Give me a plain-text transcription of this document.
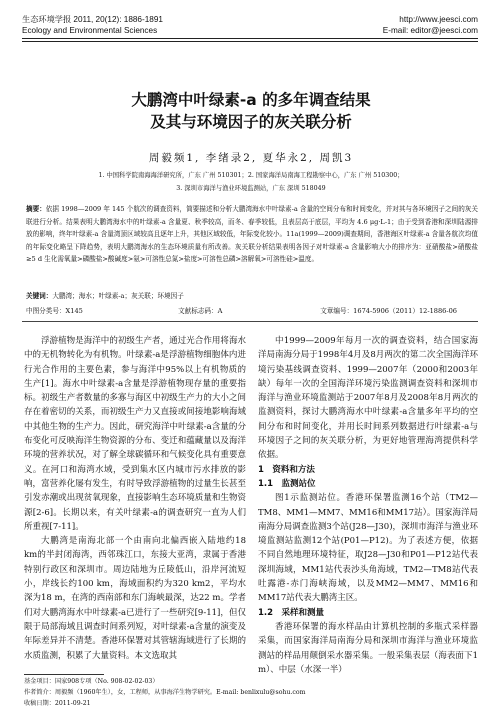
生态环境学报 2011, 20(12): 1886-1891
Ecology and Environmental Sciences
http://www.jeesci.com
E-mail: editor@jeesci.com
大鹏湾中叶绿素-a 的多年调查结果
及其与环境因子的灰关联分析
周毅频1, 李绪录2, 夏华永2, 周凯3
1. 中国科学院南海海洋研究所，广东 广州 510301；2. 国家海洋局南海工程勘察中心，广东 广州 510300；
3. 深圳市海洋与渔业环境监测站，广东 深圳 518049
摘要：依据 1998—2009 年 145 个航次的调查资料，简要描述和分析大鹏湾海水中叶绿素-a 含量的空间分布和时间变化，并对其与各环境因子之间的灰关联进行分析。结果表明大鹏湾海水中的叶绿素-a 含量夏、秋季较高，而冬、春季较低，且表层高于底层，平均为 4.6 μg·L-1；由于受到香港和深圳陆源排放的影响，终年叶绿素-a 含量湾顶区域较高且逐年上升，其他区域较低，年际变化较小。11a(1999—2009)调查期间，香港海区叶绿素-a 含量各航次均值的年际变化略呈下降趋势，表明大鹏湾海水的生态环境质量有所改善。灰关联分析结果表明各因子对叶绿素-a 含量影响大小的排序为：亚硝酸盐>硝酸盐≥5 d 生化需氧量>磷酸盐>酸碱度>氨>可溶性总氮>盐度>可溶性总磷>溶解氧>可溶性硅>温度。
关键词：大鹏湾；海水；叶绿素-a；灰关联；环境因子
中图分类号：X145	文献标志码：A	文章编号：1674-5906（2011）12-1886-06

浮游植物是海洋中的初级生产者，通过光合作用将海水中的无机物转化为有机物。叶绿素-a是浮游植物细胞体内进行光合作用的主要色素，参与海洋中95%以上有机物质的生产[1]。海水中叶绿素-a含量是浮游植物现存量的重要指标。初级生产者数量的多寡与海区中初级生产力的大小之间存在着密切的关系，而初级生产力又直接或间接地影响海域中其他生物的生产力。因此，研究海洋中叶绿素-a含量的分布变化可反映海洋生物资源的分布、变迁和蕴藏量以及海洋环境的营养状况，对了解全球碳循环和气候变化具有重要意义。在河口和海湾水域，受到集水区内城市污水排放的影响，富营养化屡有发生，有时导致浮游植物的过量生长甚至引发赤潮或出现贫氧现象，直接影响生态环境质量和生物资源[2-6]。长期以来，有关叶绿素-a的调查研究一直为人们所重视[7-11]。

大鹏湾是南海北部一个由南向北偏西嵌入陆地约18 km的半封闭海湾，西邻珠江口，东接大亚湾，隶属于香港特别行政区和深圳市。周边陆地为丘陵低山，沿岸河流短小，岸线长约100 km，海域面积约为320 km2，平均水深为18 m，在湾的西南部和东门海峡最深，达22 m。学者们对大鹏湾海水中叶绿素-a已进行了一些研究[9-11]，但仅限于局部海域且调查时间系列短，对叶绿素-a含量的演变及年际差异并不清楚。香港环保署对其管辖海域进行了长期的水质监测，积累了大量资料。本文选取其

中1999—2009年每月一次的调查资料，结合国家海洋局南海分局于1998年4月及8月两次的第二次全国海洋环境污染基线调查资料、1999—2007年（2000和2003年缺）每年一次的全国海洋环境污染监测调查资料和深圳市海洋与渔业环境监测站于2007年8月及2008年8月两次的监测资料，探讨大鹏湾海水中叶绿素-a含量多年平均的空间分布和时间变化，并用长时间系列数据进行叶绿素-a与环境因子之间的灰关联分析，为更好地管理海湾提供科学依据。

1　资料和方法
1.1　监测站位

图1示监测站位。香港环保署监测16个站（TM2—TM8、MM1—MM7、MM16和MM17站）。国家海洋局南海分局调查监测3个站(J28—J30)，深圳市海洋与渔业环境监测站监测12个站(P01—P12)。为了表述方便，依据不同自然地理环境特征，取J28—J30和P01—P12站代表深圳海域，MM1站代表沙头角海域，TM2—TM8站代表吐露港-赤门海峡海域，以及MM2—MM7、MM16和MM17站代表大鹏湾主区。

1.2　采样和测量

香港环保署的海水样品由计算机控制的多瓶式采样器采集，而国家海洋局南海分局和深圳市海洋与渔业环境监测站的样品用颠倒采水器采集。一般采集表层（海表面下1 m）、中层（水深一半）

基金项目：国家908专项（No. 908-02-02-03）
作者简介：周毅频（1960年生），女，工程师，从事海洋生物学研究。E-mail: benlixulu@sohu.com
收稿日期：2011-09-21
